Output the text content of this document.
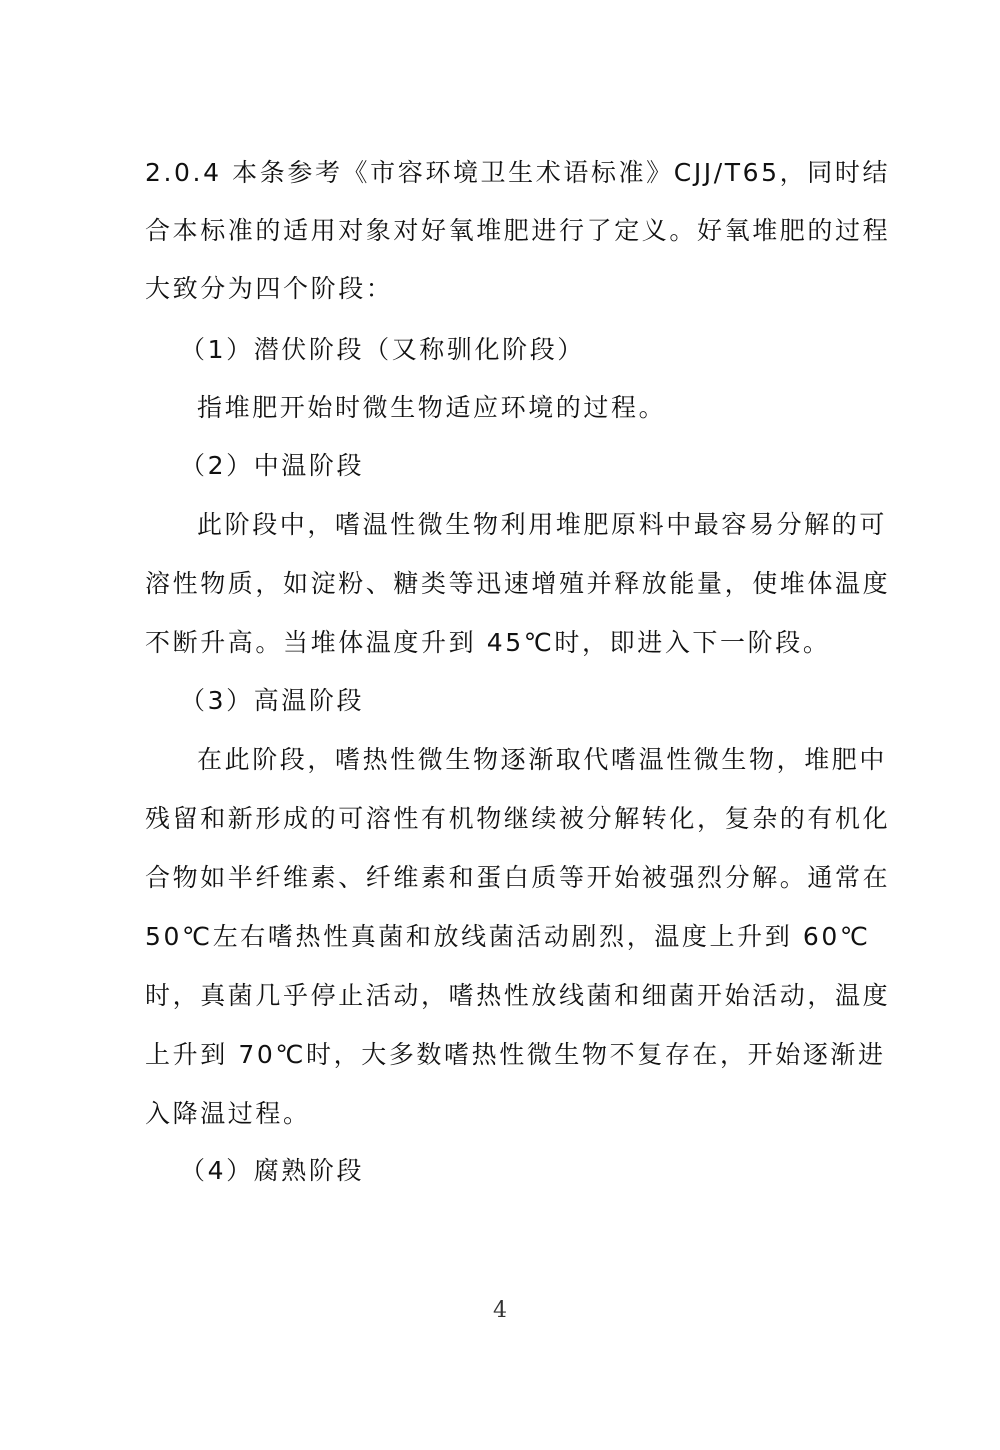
2.0.4 本条参考《市容环境卫生术语标准》CJJ/T65，同时结
合本标准的适用对象对好氧堆肥进行了定义。好氧堆肥的过程
大致分为四个阶段：
（1）潜伏阶段（又称驯化阶段）
指堆肥开始时微生物适应环境的过程。
（2）中温阶段
此阶段中，嗜温性微生物利用堆肥原料中最容易分解的可
溶性物质，如淀粉、糖类等迅速增殖并释放能量，使堆体温度
不断升高。当堆体温度升到 45℃时，即进入下一阶段。
（3）高温阶段
在此阶段，嗜热性微生物逐渐取代嗜温性微生物，堆肥中
残留和新形成的可溶性有机物继续被分解转化，复杂的有机化
合物如半纤维素、纤维素和蛋白质等开始被强烈分解。通常在
50℃左右嗜热性真菌和放线菌活动剧烈，温度上升到 60℃
时，真菌几乎停止活动，嗜热性放线菌和细菌开始活动，温度
上升到 70℃时，大多数嗜热性微生物不复存在，开始逐渐进
入降温过程。
（4）腐熟阶段
4
